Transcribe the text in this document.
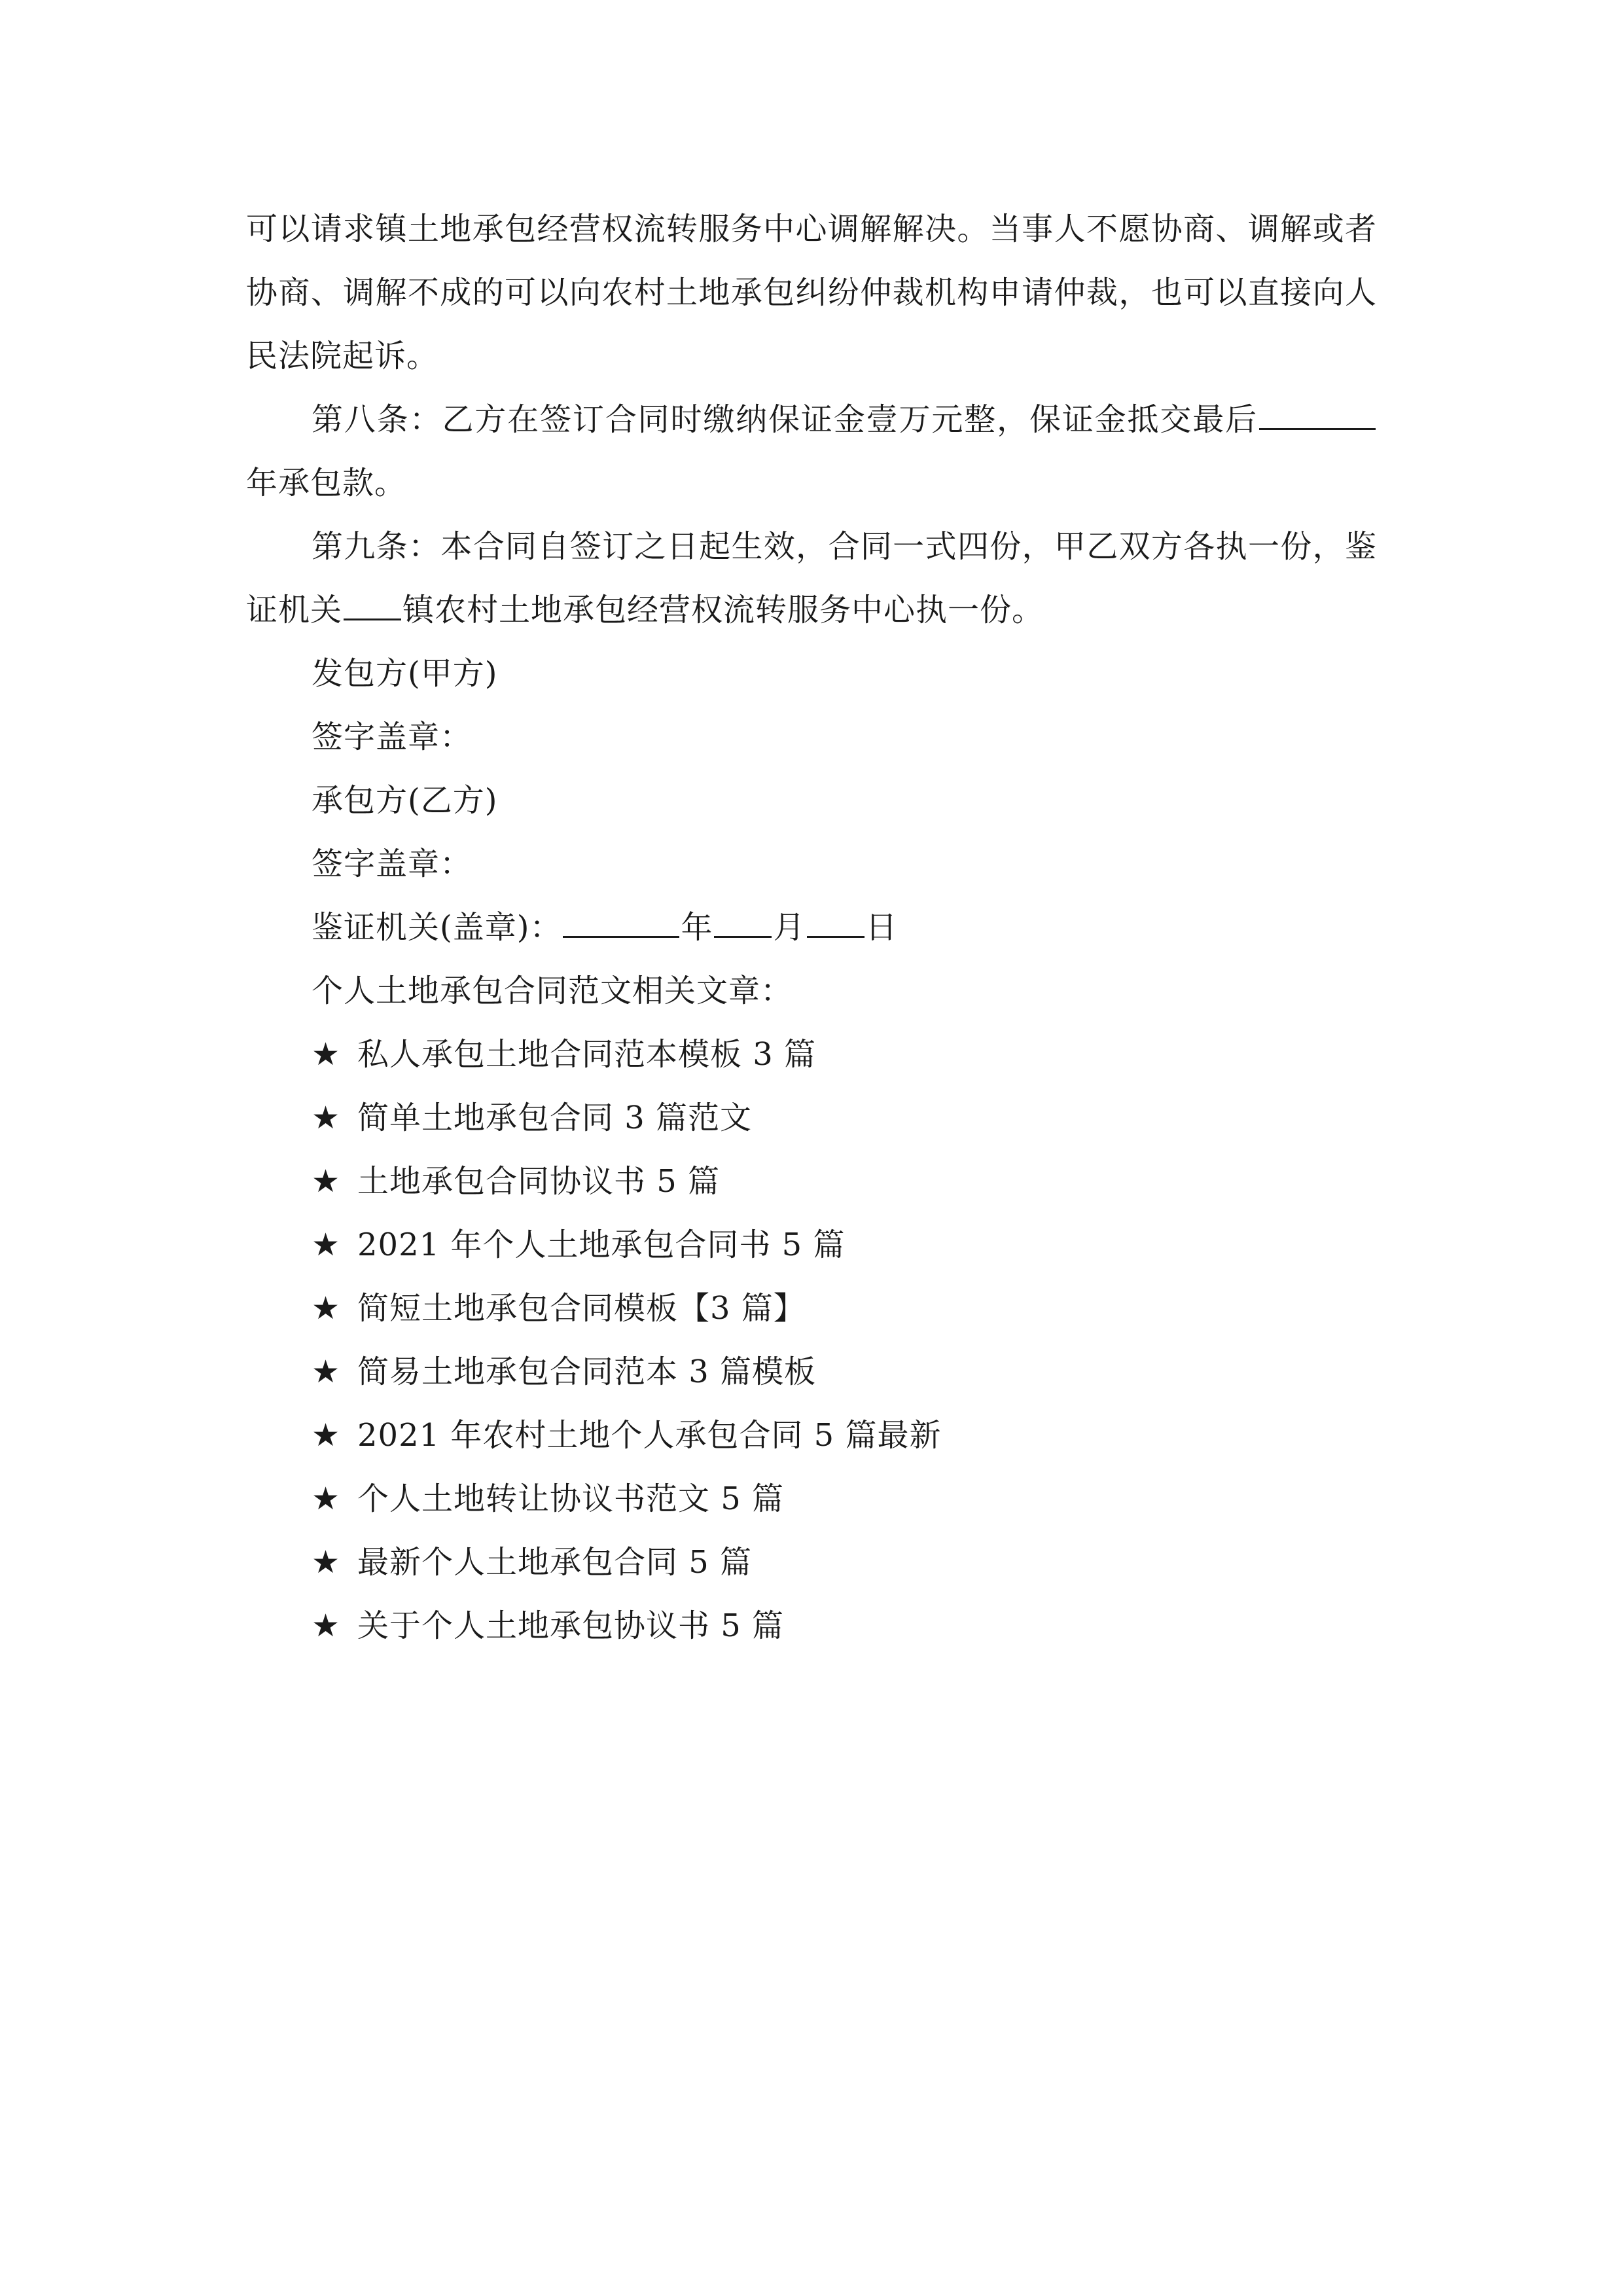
可以请求镇土地承包经营权流转服务中心调解解决。当事人不愿协商、调解或者协商、调解不成的可以向农村土地承包纠纷仲裁机构申请仲裁，也可以直接向人民法院起诉。

第八条：乙方在签订合同时缴纳保证金壹万元整，保证金抵交最后年承包款。

第九条：本合同自签订之日起生效，合同一式四份，甲乙双方各执一份，鉴证机关 镇农村土地承包经营权流转服务中心执一份。

发包方(甲方)

签字盖章：

承包方(乙方)

签字盖章：

鉴证机关(盖章)：	年 月 日

个人土地承包合同范文相关文章：

★ 私人承包土地合同范本模板 3 篇

★ 简单土地承包合同 3 篇范文

★ 土地承包合同协议书 5 篇

★ 2021 年个人土地承包合同书 5 篇

★ 简短土地承包合同模板【3 篇】

★ 简易土地承包合同范本 3 篇模板

★ 2021 年农村土地个人承包合同 5 篇最新

★ 个人土地转让协议书范文 5 篇

★ 最新个人土地承包合同 5 篇

★ 关于个人土地承包协议书 5 篇
